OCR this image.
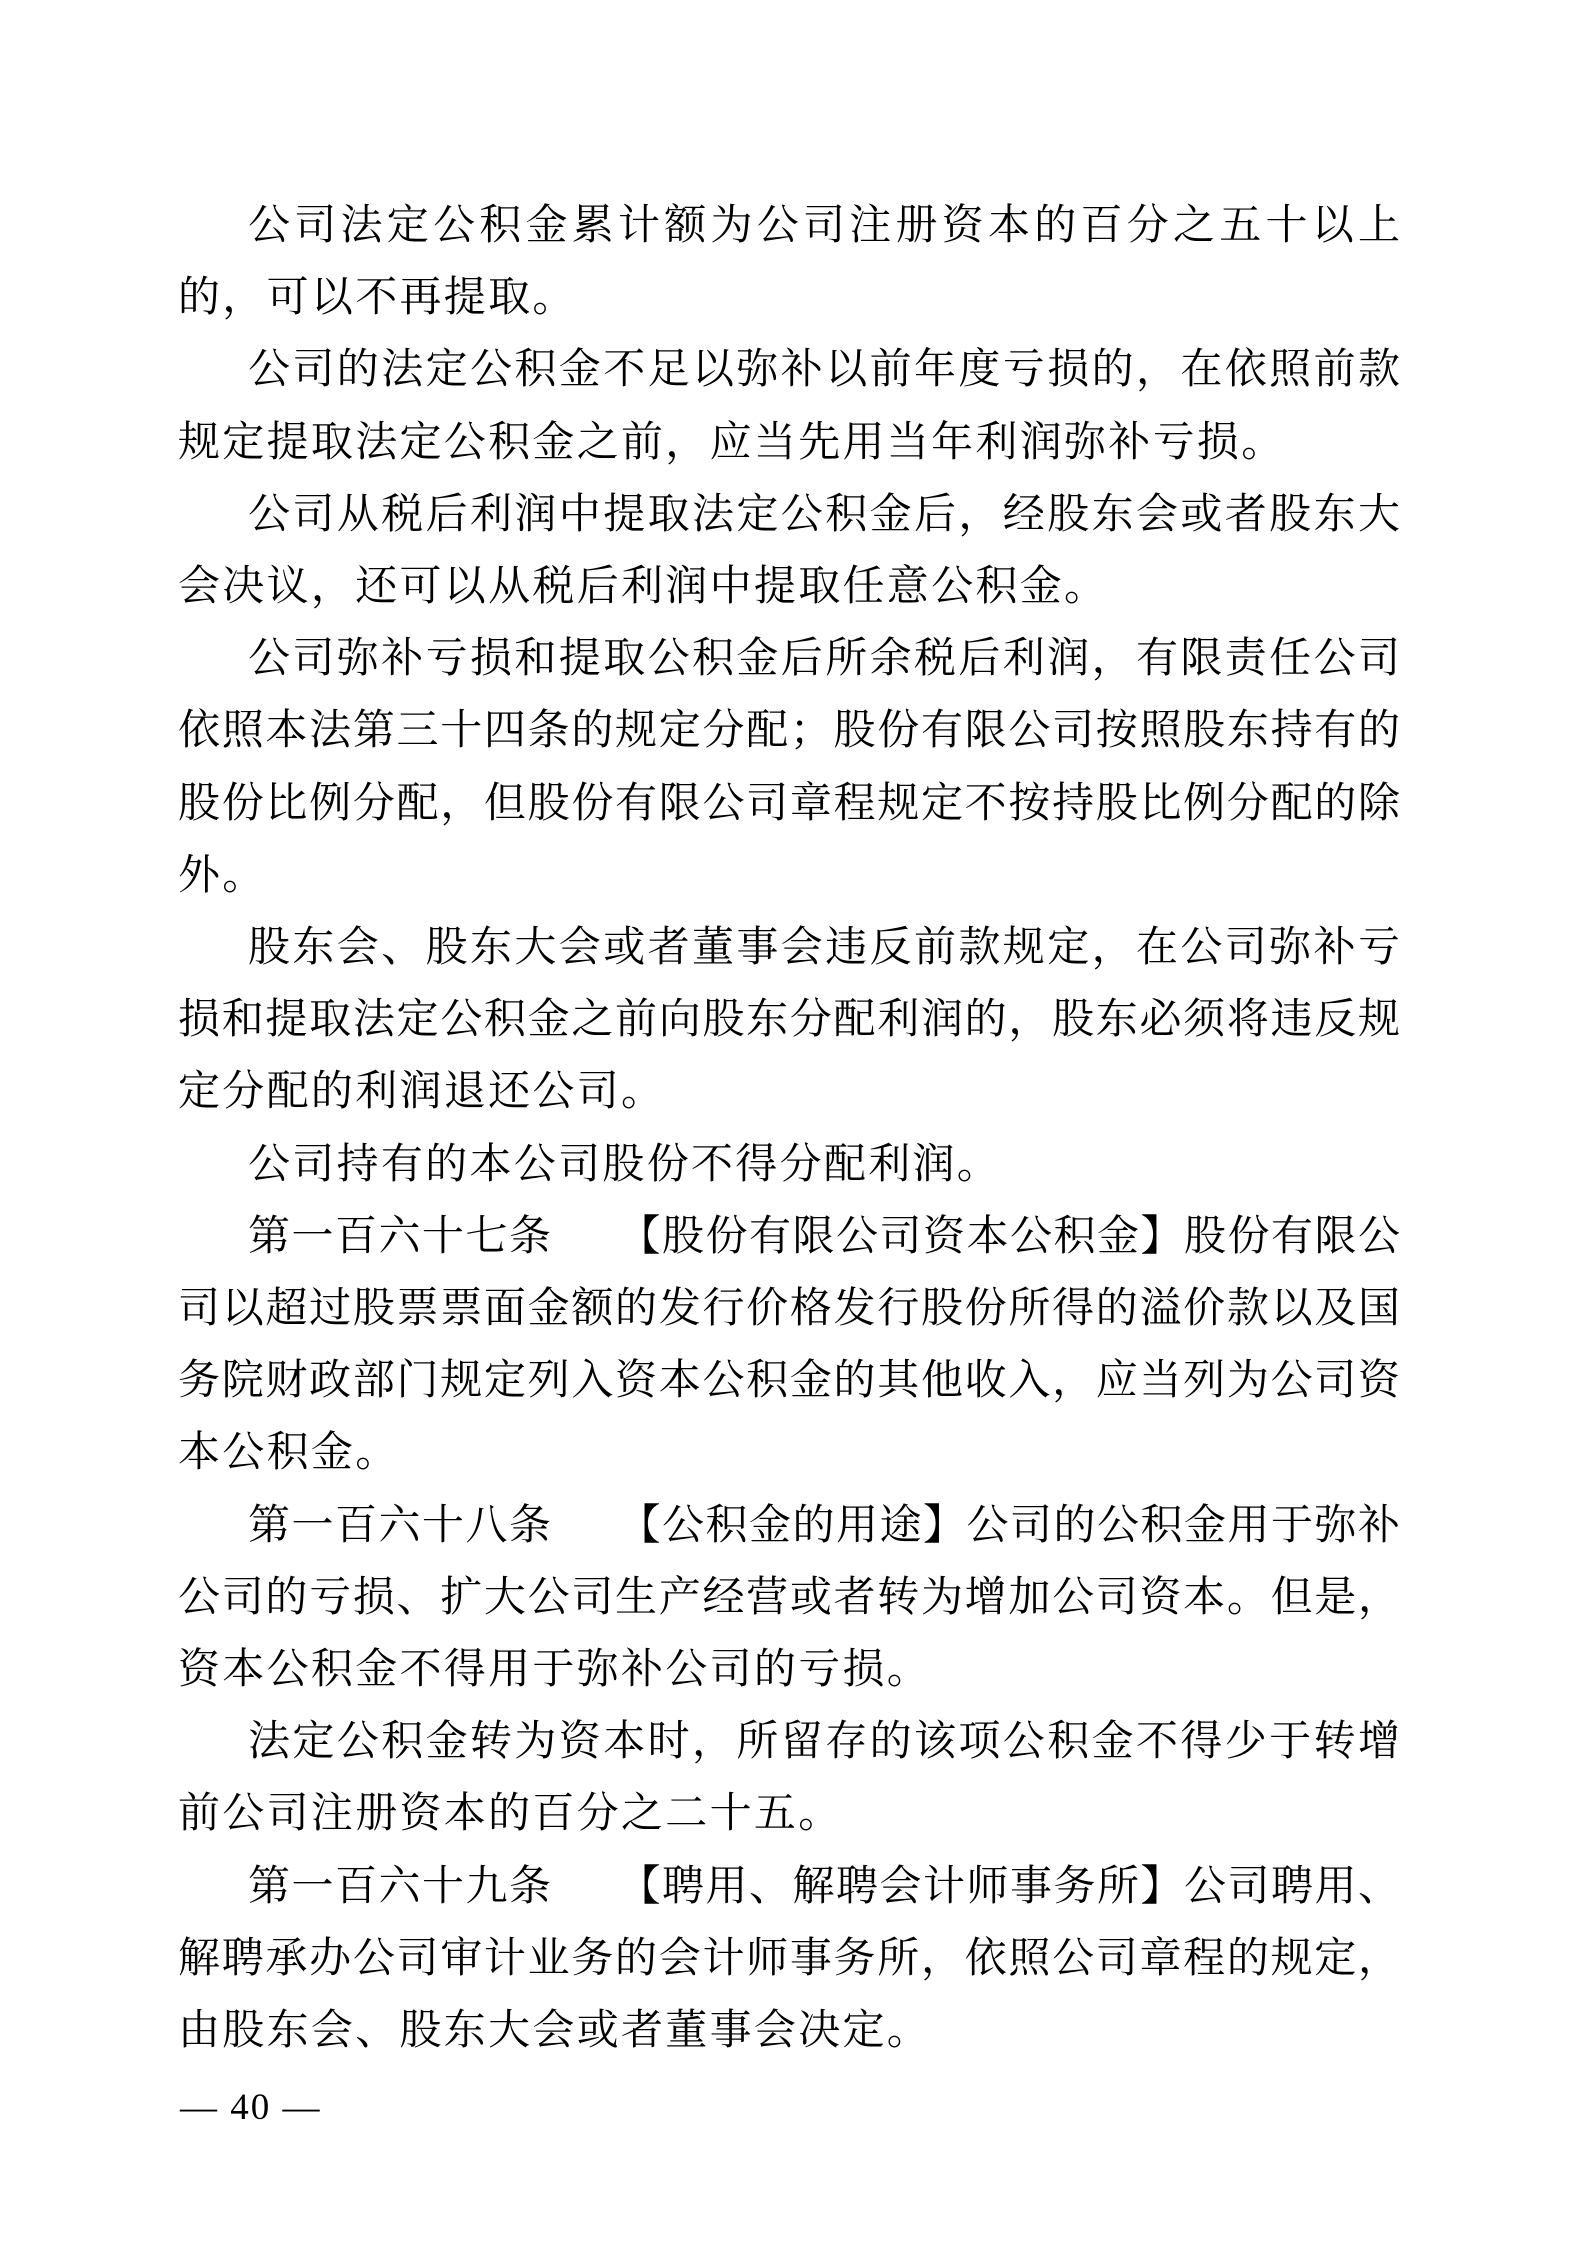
公司法定公积金累计额为公司注册资本的百分之五十以上
的，可以不再提取。
公司的法定公积金不足以弥补以前年度亏损的，在依照前款
规定提取法定公积金之前，应当先用当年利润弥补亏损。
公司从税后利润中提取法定公积金后，经股东会或者股东大
会决议，还可以从税后利润中提取任意公积金。
公司弥补亏损和提取公积金后所余税后利润，有限责任公司
依照本法第三十四条的规定分配；股份有限公司按照股东持有的
股份比例分配，但股份有限公司章程规定不按持股比例分配的除
外。
股东会、股东大会或者董事会违反前款规定，在公司弥补亏
损和提取法定公积金之前向股东分配利润的，股东必须将违反规
定分配的利润退还公司。
公司持有的本公司股份不得分配利润。
第一百六十七条　　【股份有限公司资本公积金】股份有限公
司以超过股票票面金额的发行价格发行股份所得的溢价款以及国
务院财政部门规定列入资本公积金的其他收入，应当列为公司资
本公积金。
第一百六十八条　　【公积金的用途】公司的公积金用于弥补
公司的亏损、扩大公司生产经营或者转为增加公司资本。但是，
资本公积金不得用于弥补公司的亏损。
法定公积金转为资本时，所留存的该项公积金不得少于转增
前公司注册资本的百分之二十五。
第一百六十九条　　【聘用、解聘会计师事务所】公司聘用、
解聘承办公司审计业务的会计师事务所，依照公司章程的规定，
由股东会、股东大会或者董事会决定。
— 40 —
